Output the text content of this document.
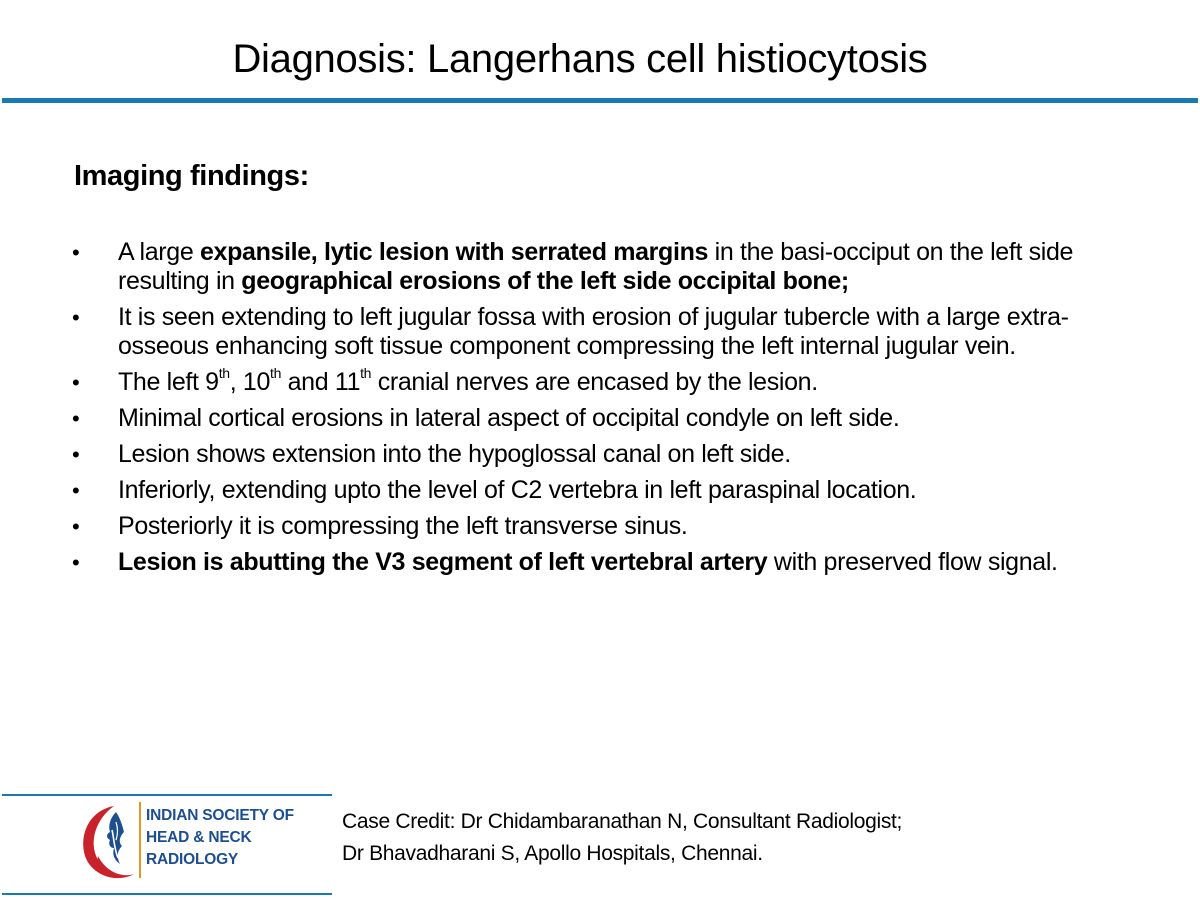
Diagnosis: Langerhans cell histiocytosis
Imaging findings:
• A large expansile, lytic lesion with serrated margins in the basi-occiput on the left side resulting in geographical erosions of the left side occipital bone;
• It is seen extending to left jugular fossa with erosion of jugular tubercle with a large extra-osseous enhancing soft tissue component compressing the left internal jugular vein.
• The left 9th, 10th and 11th cranial nerves are encased by the lesion.
• Minimal cortical erosions in lateral aspect of occipital condyle on left side.
• Lesion shows extension into the hypoglossal canal on left side.
• Inferiorly, extending upto the level of C2 vertebra in left paraspinal location.
• Posteriorly it is compressing the left transverse sinus.
• Lesion is abutting the V3 segment of left vertebral artery with preserved flow signal.
INDIAN SOCIETY OF
HEAD & NECK
RADIOLOGY
Case Credit: Dr Chidambaranathan N, Consultant Radiologist;
Dr Bhavadharani S, Apollo Hospitals, Chennai.
